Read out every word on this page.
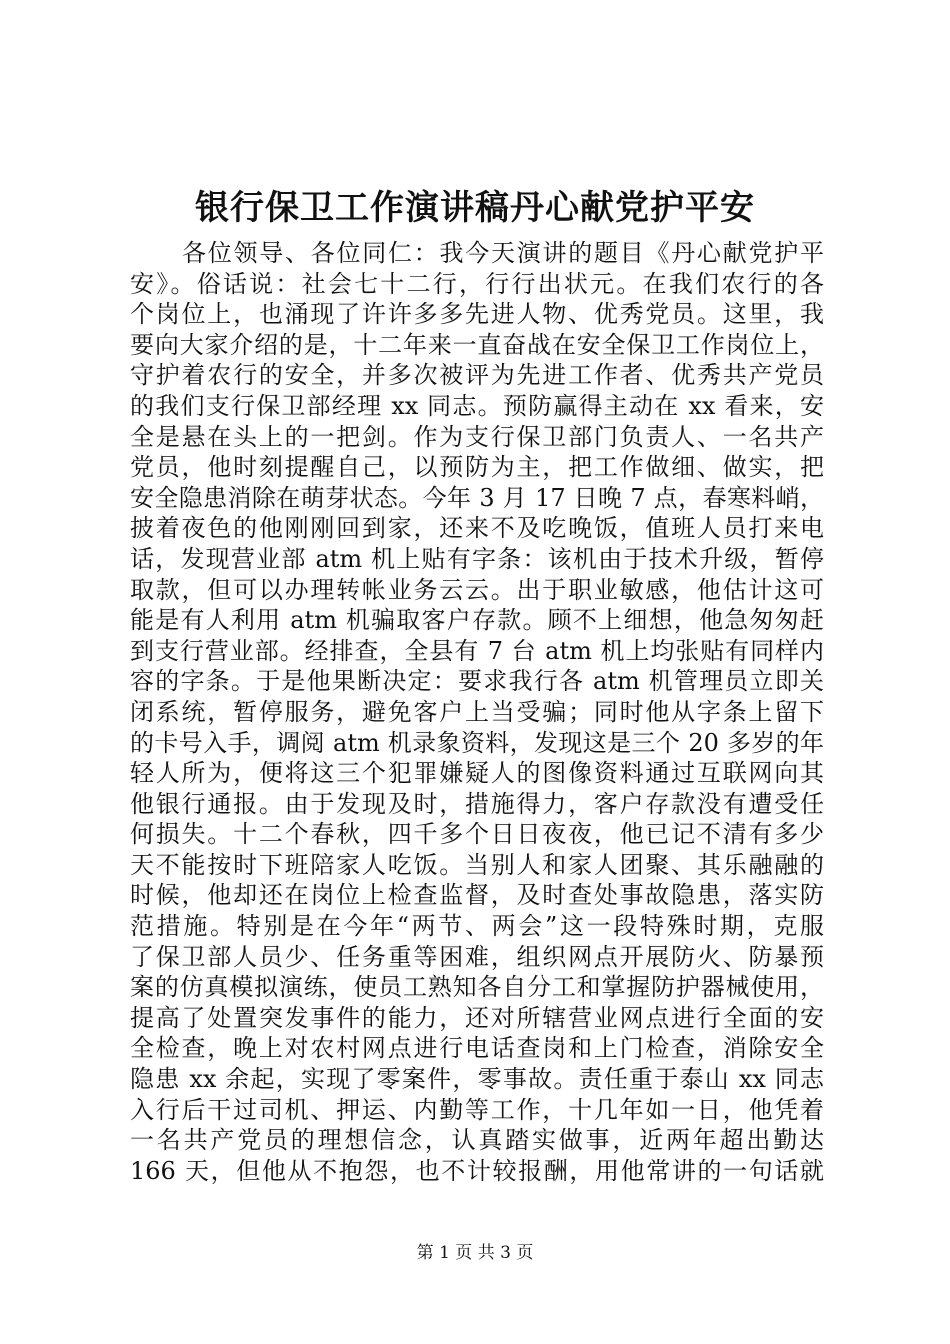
银行保卫工作演讲稿丹心献党护平安
各位领导、各位同仁：我今天演讲的题目《丹心献党护平
安》。俗话说：社会七十二行，行行出状元。在我们农行的各
个岗位上，也涌现了许许多多先进人物、优秀党员。这里，我
要向大家介绍的是，十二年来一直奋战在安全保卫工作岗位上，
守护着农行的安全，并多次被评为先进工作者、优秀共产党员
的我们支行保卫部经理 xx 同志。预防赢得主动在 xx 看来，安
全是悬在头上的一把剑。作为支行保卫部门负责人、一名共产
党员，他时刻提醒自己，以预防为主，把工作做细、做实，把
安全隐患消除在萌芽状态。今年 3 月 17 日晚 7 点，春寒料峭，
披着夜色的他刚刚回到家，还来不及吃晚饭，值班人员打来电
话，发现营业部 atm 机上贴有字条：该机由于技术升级，暂停
取款，但可以办理转帐业务云云。出于职业敏感，他估计这可
能是有人利用 atm 机骗取客户存款。顾不上细想，他急匆匆赶
到支行营业部。经排查，全县有 7 台 atm 机上均张贴有同样内
容的字条。于是他果断决定：要求我行各 atm 机管理员立即关
闭系统，暂停服务，避免客户上当受骗；同时他从字条上留下
的卡号入手，调阅 atm 机录象资料，发现这是三个 20 多岁的年
轻人所为，便将这三个犯罪嫌疑人的图像资料通过互联网向其
他银行通报。由于发现及时，措施得力，客户存款没有遭受任
何损失。十二个春秋，四千多个日日夜夜，他已记不清有多少
天不能按时下班陪家人吃饭。当别人和家人团聚、其乐融融的
时候，他却还在岗位上检查监督，及时查处事故隐患，落实防
范措施。特别是在今年“两节、两会”这一段特殊时期，克服
了保卫部人员少、任务重等困难，组织网点开展防火、防暴预
案的仿真模拟演练，使员工熟知各自分工和掌握防护器械使用，
提高了处置突发事件的能力，还对所辖营业网点进行全面的安
全检查，晚上对农村网点进行电话查岗和上门检查，消除安全
隐患 xx 余起，实现了零案件，零事故。责任重于泰山 xx 同志
入行后干过司机、押运、内勤等工作，十几年如一日，他凭着
一名共产党员的理想信念，认真踏实做事，近两年超出勤达
166 天，但他从不抱怨，也不计较报酬，用他常讲的一句话就
第 1 页 共 3 页
